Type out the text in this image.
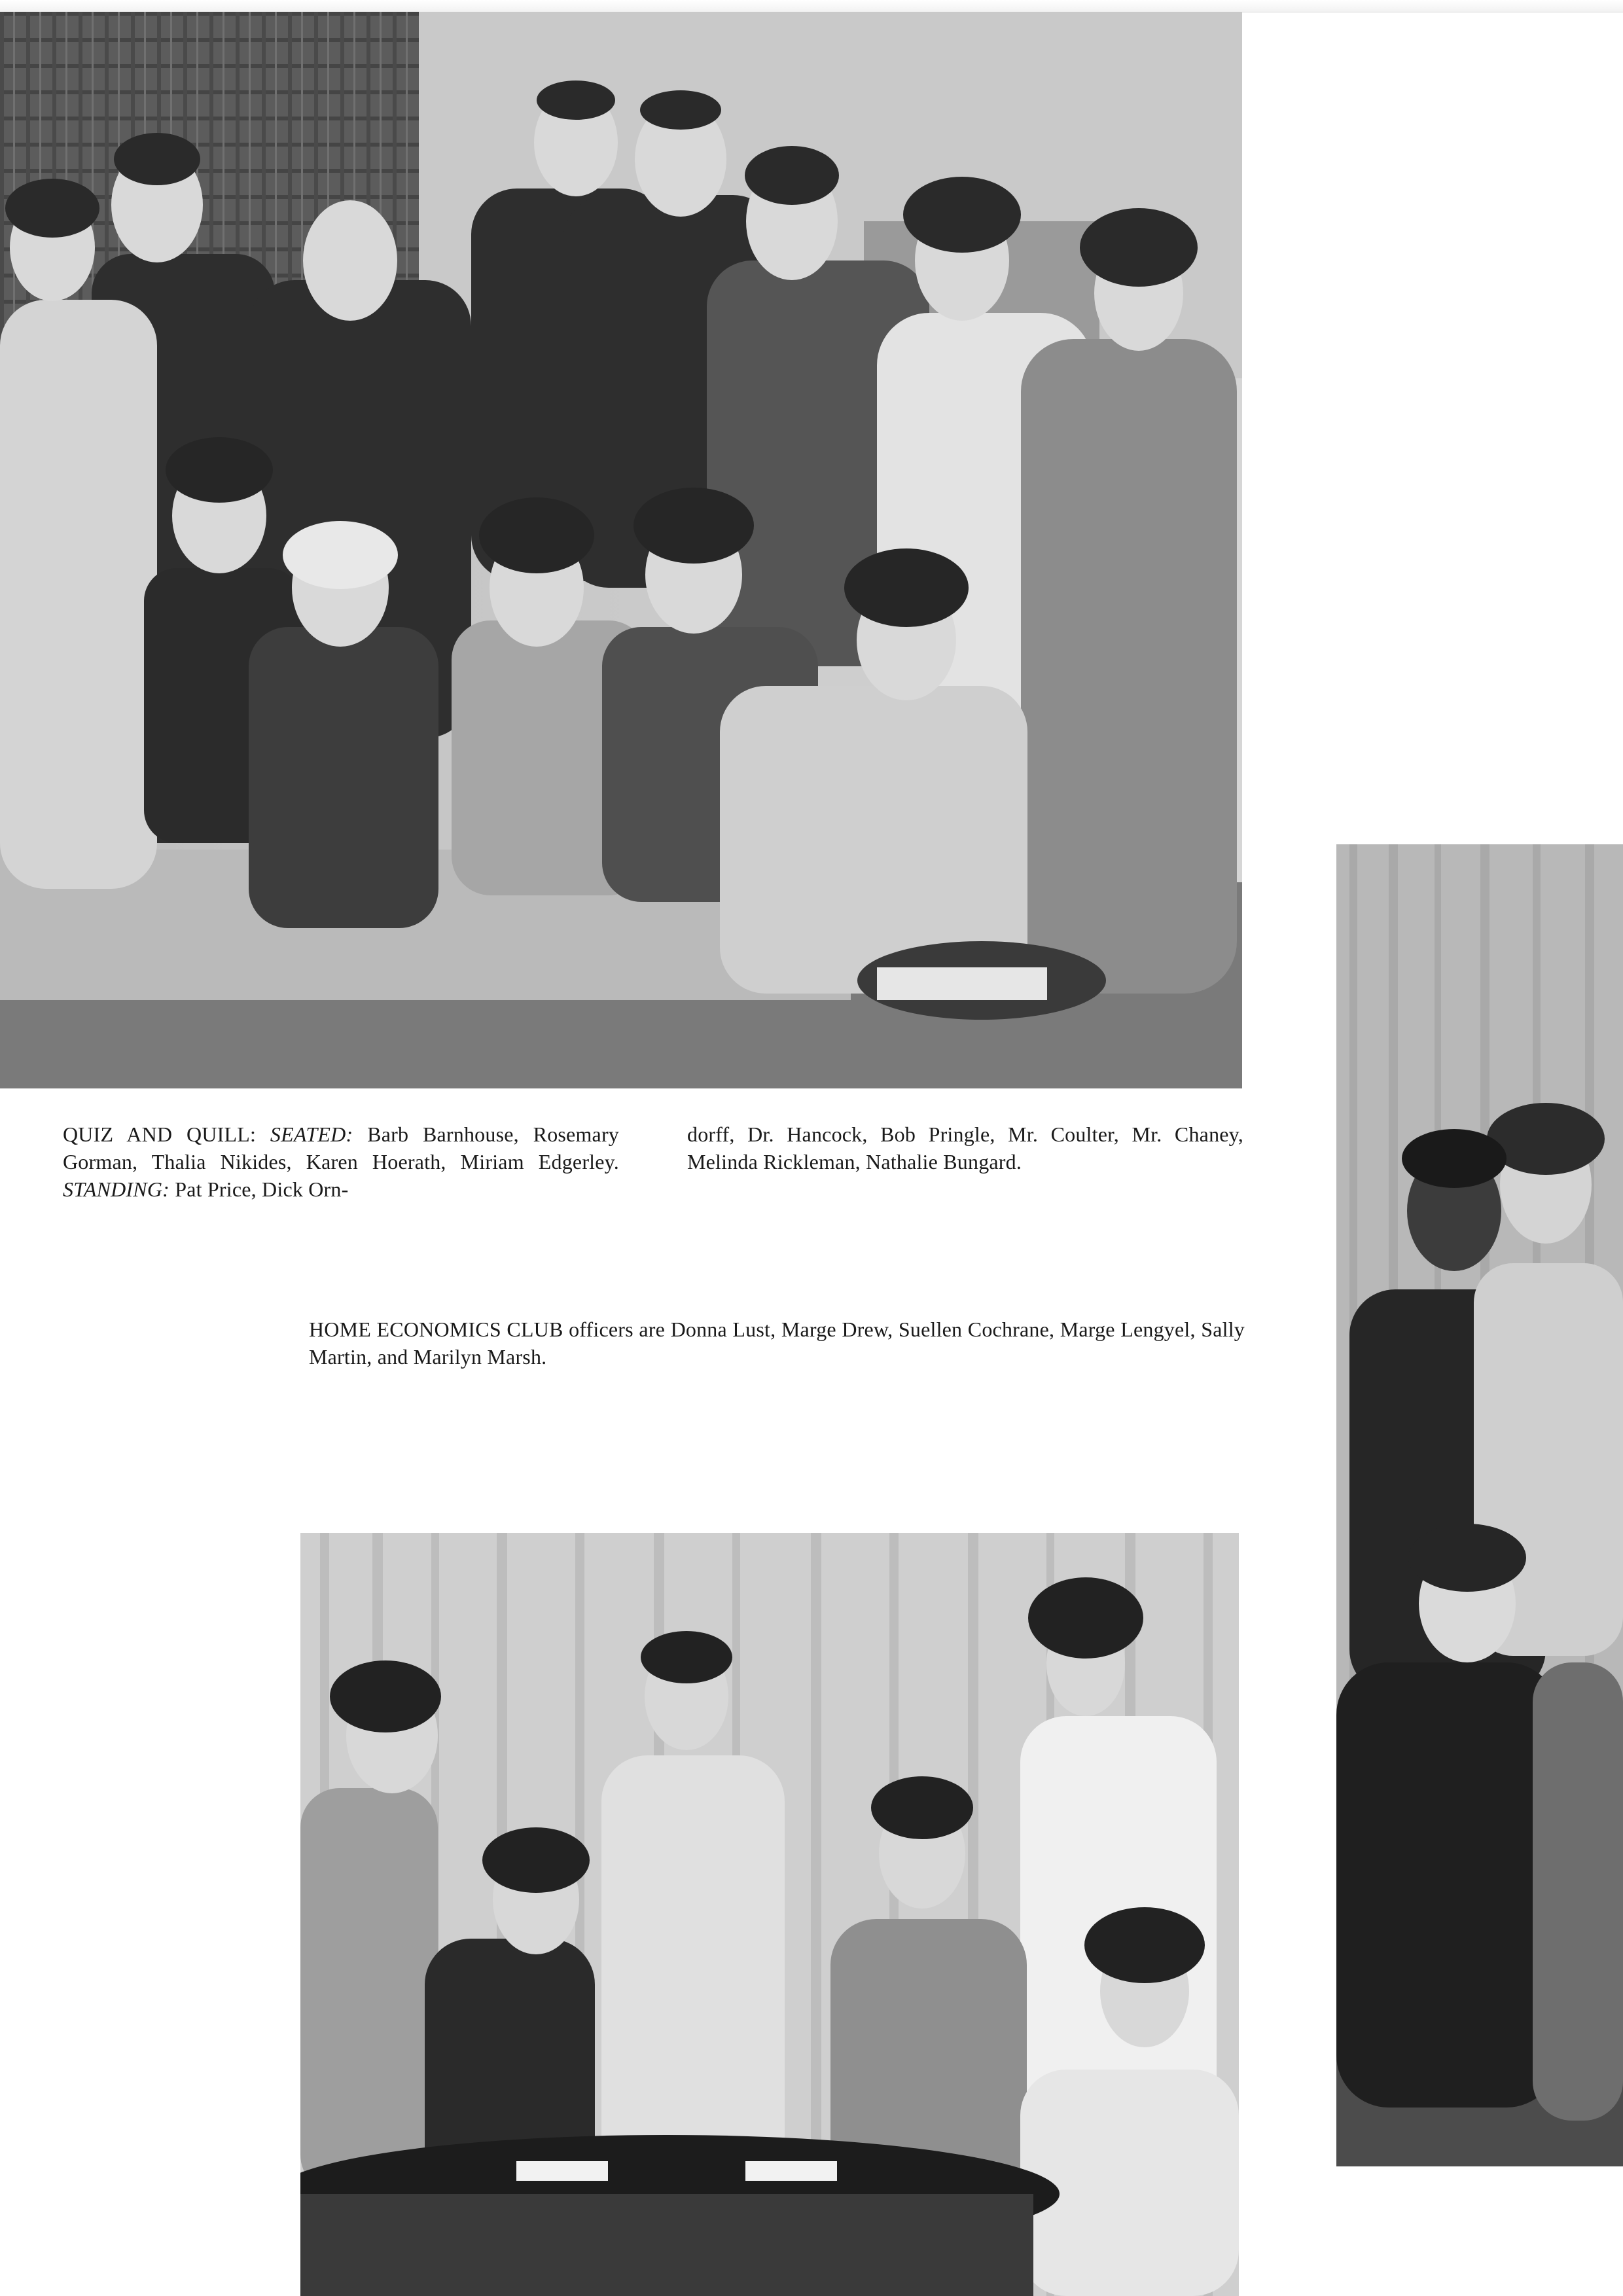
QUIZ AND QUILL: SEATED: Barb Barnhouse, Rosemary Gorman, Thalia Nikides, Karen Hoerath, Miriam Edgerley. STANDING: Pat Price, Dick Orn-
dorff, Dr. Hancock, Bob Pringle, Mr. Coulter, Mr. Chaney, Melinda Rickleman, Nathalie Bungard.
HOME ECONOMICS CLUB officers are Donna Lust, Marge Drew, Suellen Cochrane, Marge Lengyel, Sally Martin, and Marilyn Marsh.
